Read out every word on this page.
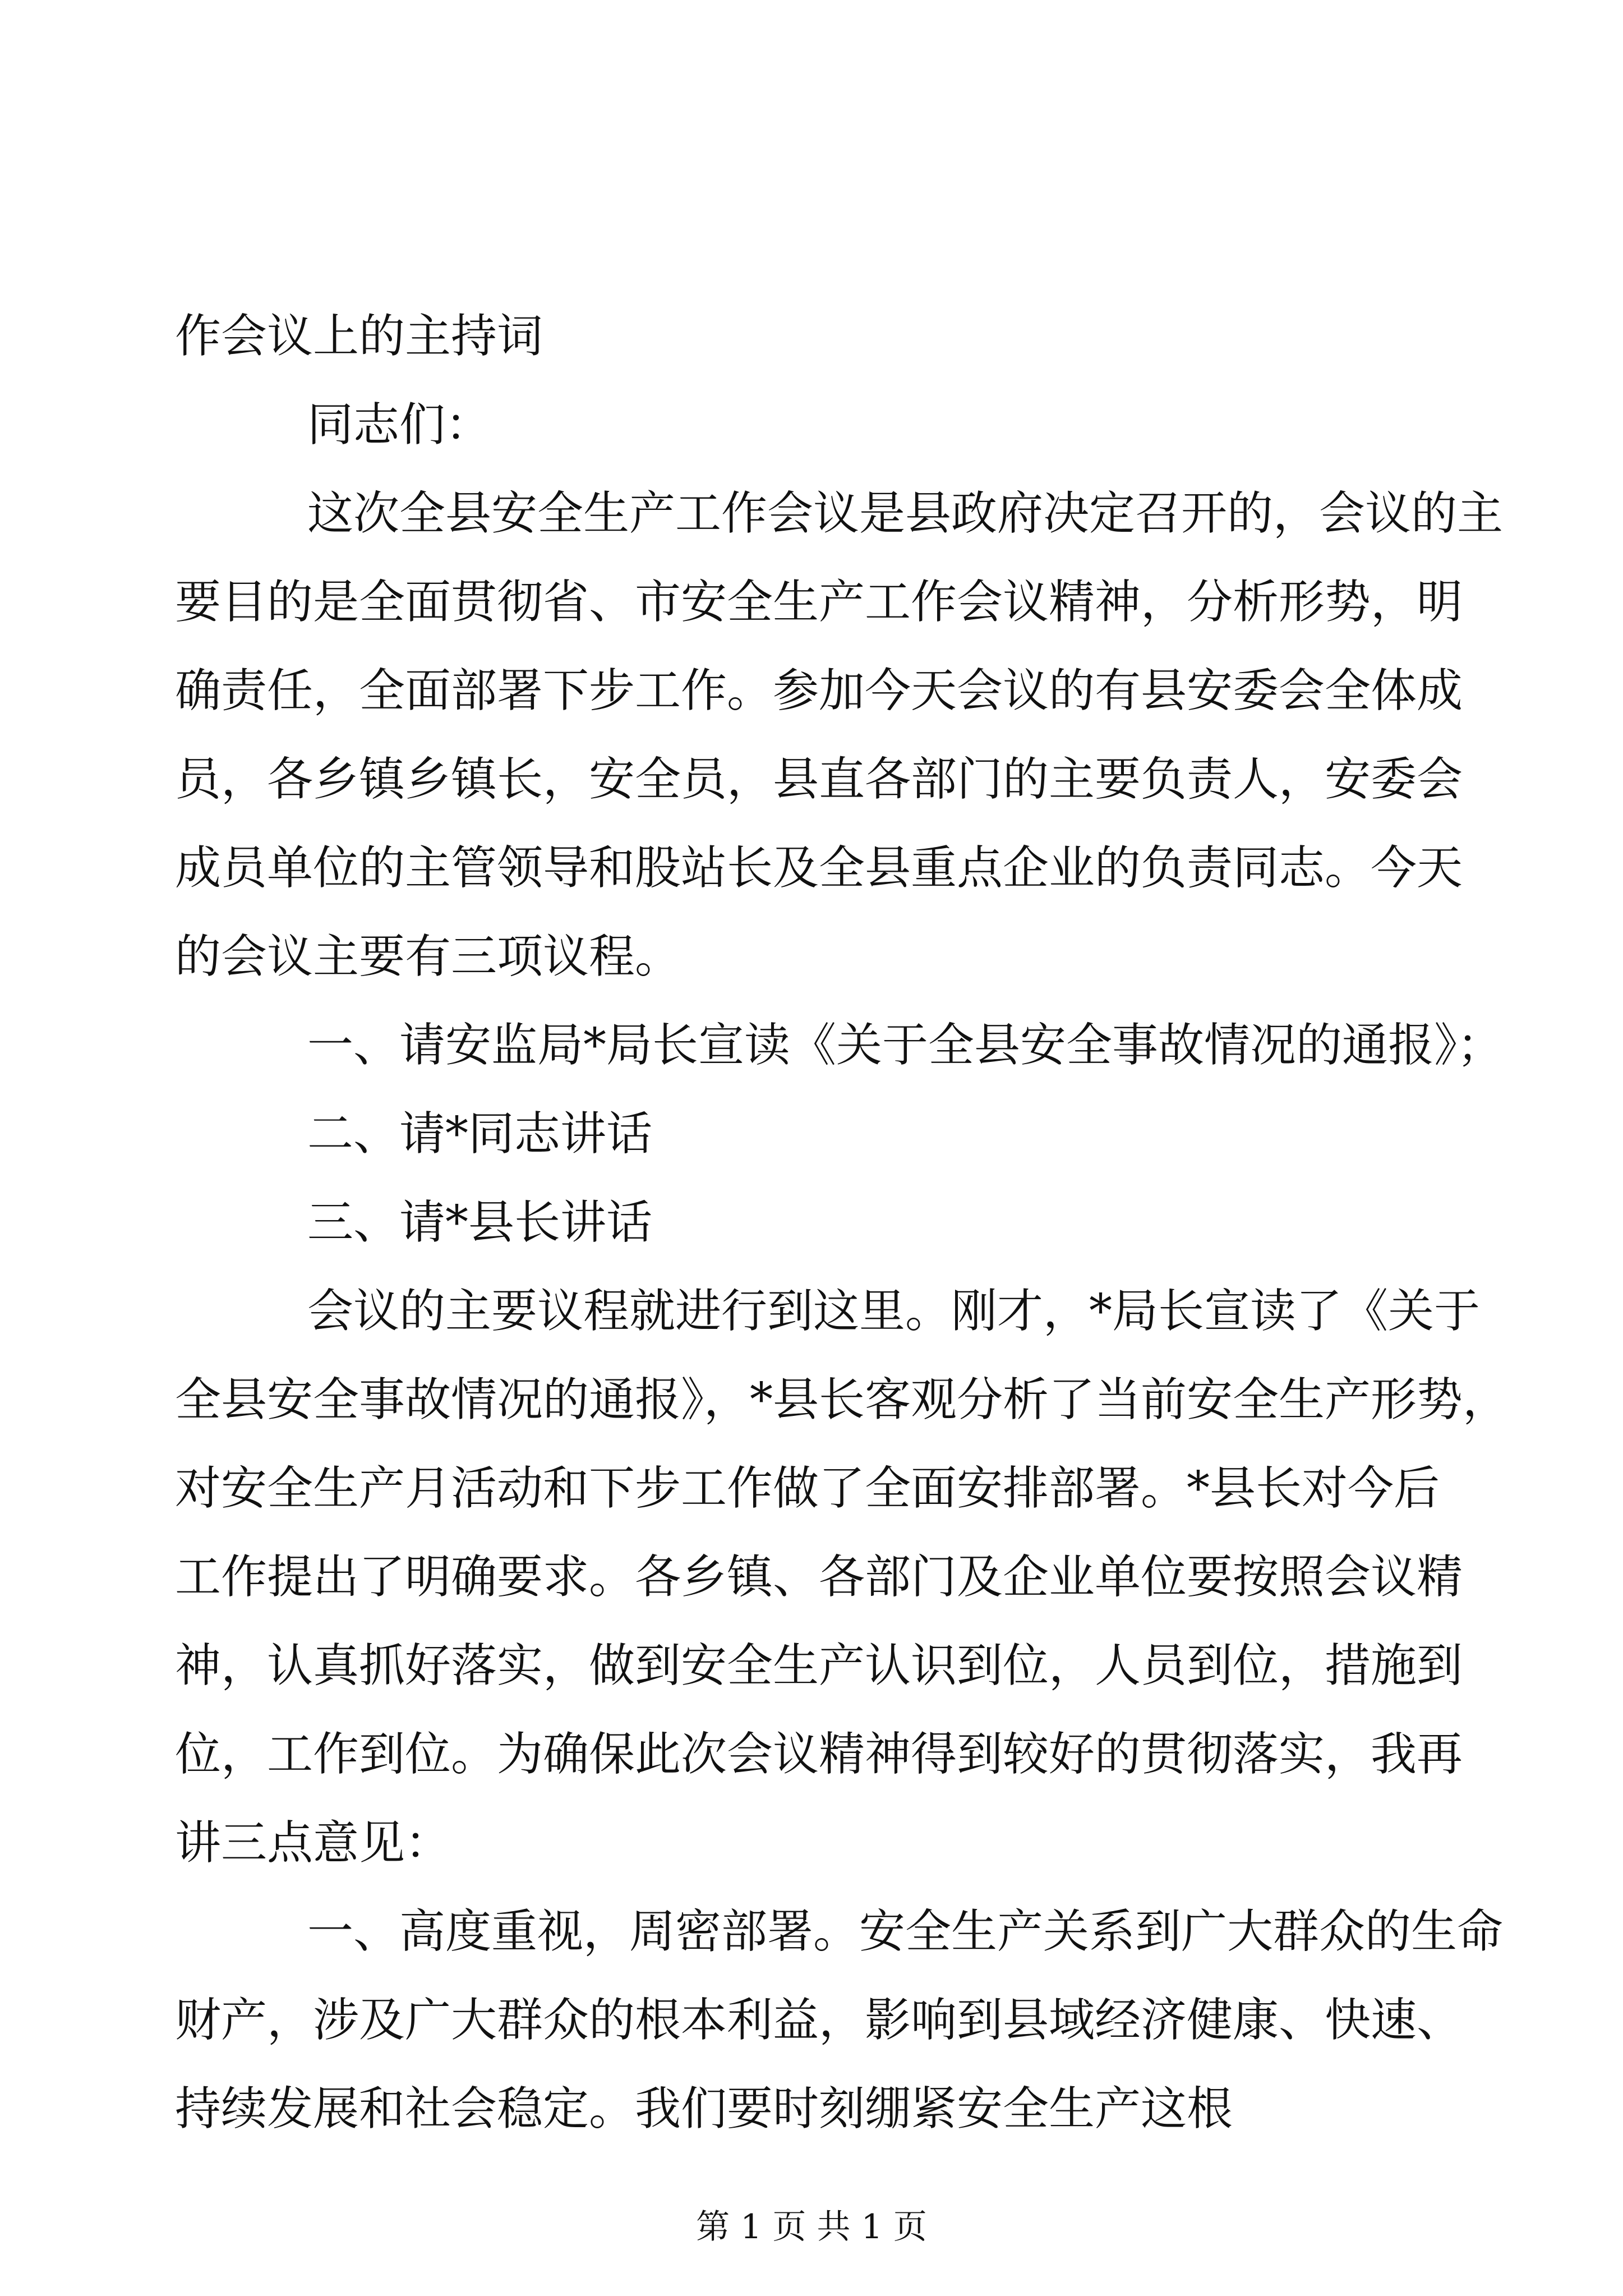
作会议上的主持词
同志们：
这次全县安全生产工作会议是县政府决定召开的，会议的主
要目的是全面贯彻省、市安全生产工作会议精神，分析形势，明
确责任，全面部署下步工作。参加今天会议的有县安委会全体成
员，各乡镇乡镇长，安全员，县直各部门的主要负责人，安委会
成员单位的主管领导和股站长及全县重点企业的负责同志。今天
的会议主要有三项议程。
一、请安监局*局长宣读《关于全县安全事故情况的通报》；
二、请*同志讲话
三、请*县长讲话
会议的主要议程就进行到这里。刚才，*局长宣读了《关于
全县安全事故情况的通报》，*县长客观分析了当前安全生产形势，
对安全生产月活动和下步工作做了全面安排部署。*县长对今后
工作提出了明确要求。各乡镇、各部门及企业单位要按照会议精
神，认真抓好落实，做到安全生产认识到位，人员到位，措施到
位，工作到位。为确保此次会议精神得到较好的贯彻落实，我再
讲三点意见：
一、高度重视，周密部署。安全生产关系到广大群众的生命
财产，涉及广大群众的根本利益，影响到县域经济健康、快速、
持续发展和社会稳定。我们要时刻绷紧安全生产这根
第 1 页 共 1 页
